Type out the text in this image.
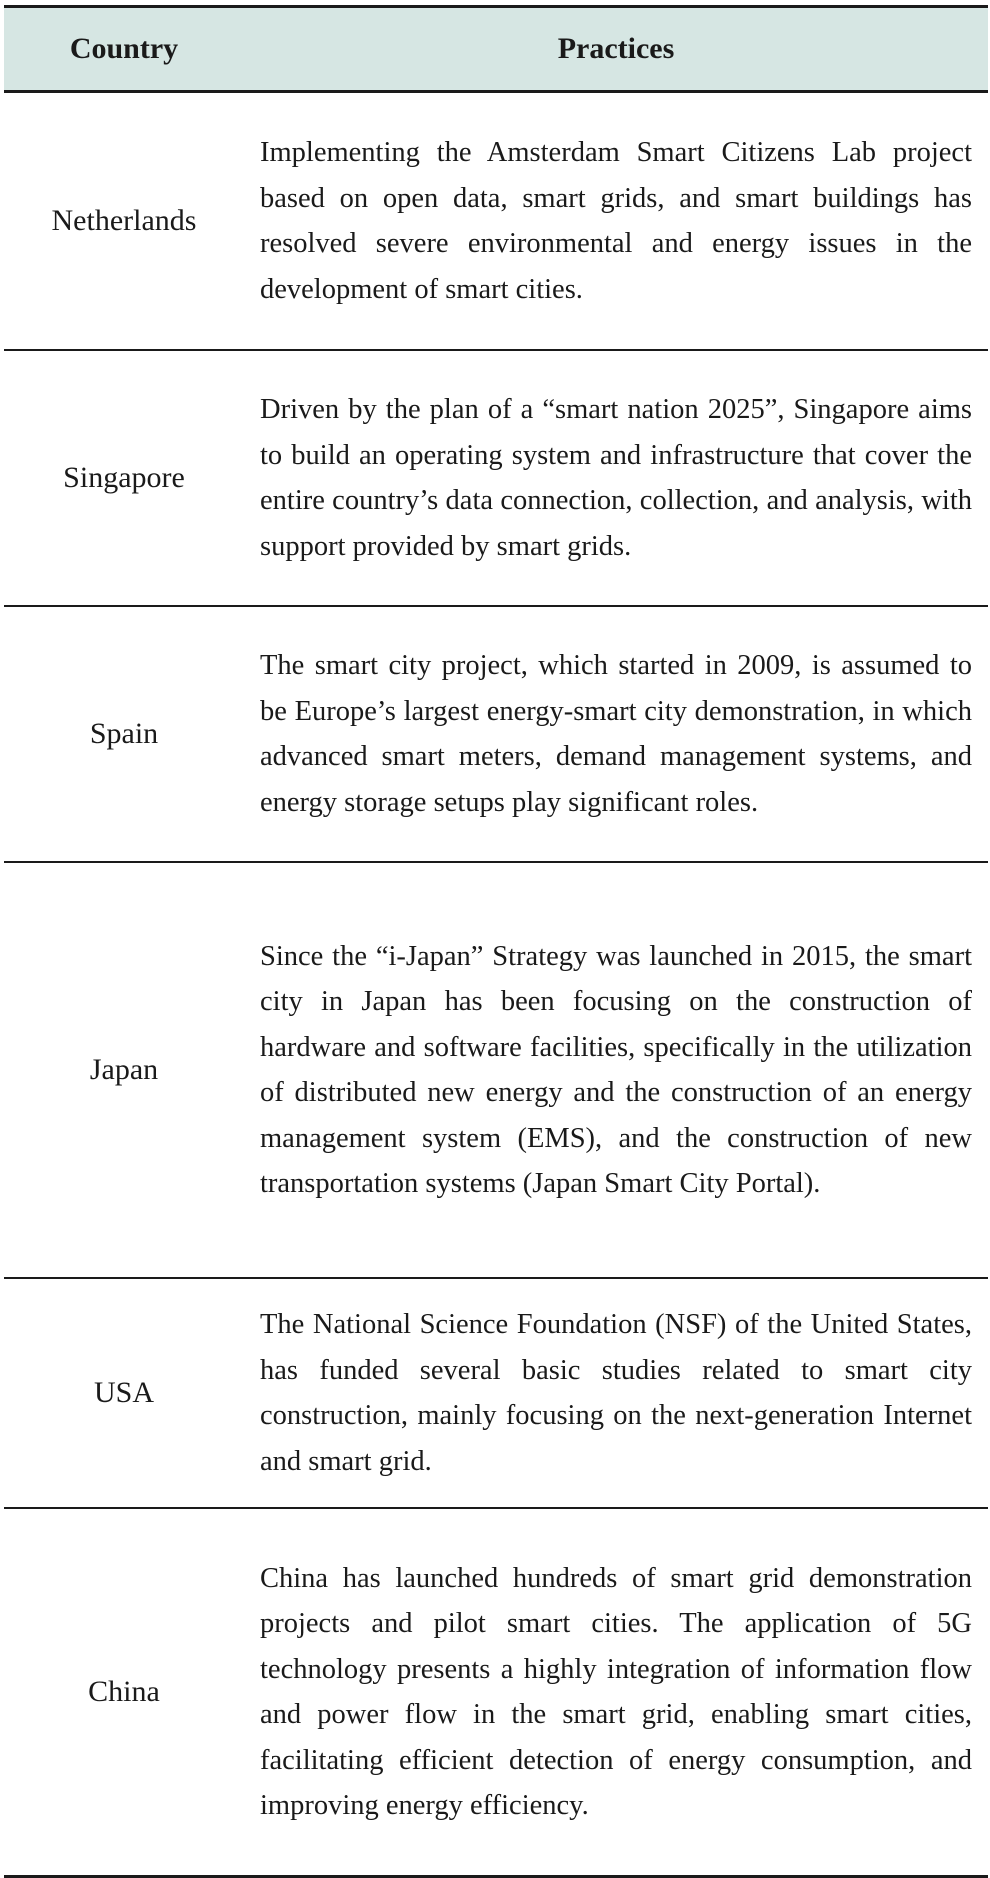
Country	Practices
Netherlands	Implementing the Amsterdam Smart Citizens Lab project based on open data, smart grids, and smart buildings has resolved severe environmental and energy issues in the development of smart cities.

Singapore	Driven by the plan of a “smart nation 2025”, Singapore aims to build an operating system and infrastructure that cover the entire country’s data connection, collection, and analysis, with support provided by smart grids.

Spain	The smart city project, which started in 2009, is assumed to be Europe’s largest energy-smart city demonstration, in which advanced smart meters, demand management systems, and energy storage setups play significant roles.

Japan	Since the “i-Japan” Strategy was launched in 2015, the smart city in Japan has been focusing on the construction of hardware and software facilities, specifically in the utilization of distributed new energy and the construction of an energy management system (EMS), and the construction of new transportation systems (Japan Smart City Portal).

USA	The National Science Foundation (NSF) of the United States, has funded several basic studies related to smart city construction, mainly focusing on the next-generation Internet and smart grid.

China	China has launched hundreds of smart grid demonstration projects and pilot smart cities. The application of 5G technology presents a highly integration of information flow and power flow in the smart grid, enabling smart cities, facilitating efficient detection of energy consumption, and improving energy efficiency.
